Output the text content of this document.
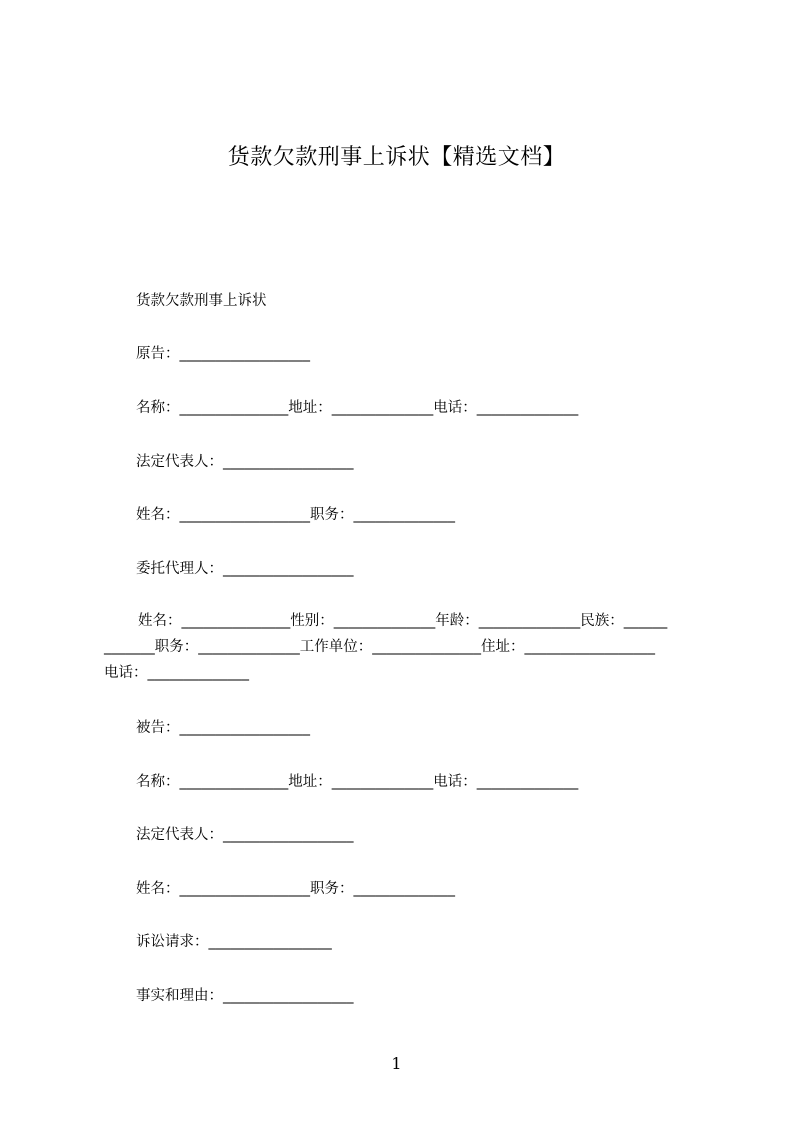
货款欠款刑事上诉状【精选文档】
货款欠款刑事上诉状
原告：__________________
名称：_______________地址：______________电话：______________
法定代表人：__________________
姓名：__________________职务：______________
委托代理人：__________________
姓名：_______________性别：______________年龄：______________民族：______
_______职务：______________工作单位：_______________住址：__________________
电话：______________
被告：__________________
名称：_______________地址：______________电话：______________
法定代表人：__________________
姓名：__________________职务：______________
诉讼请求：_________________
事实和理由：__________________
1
